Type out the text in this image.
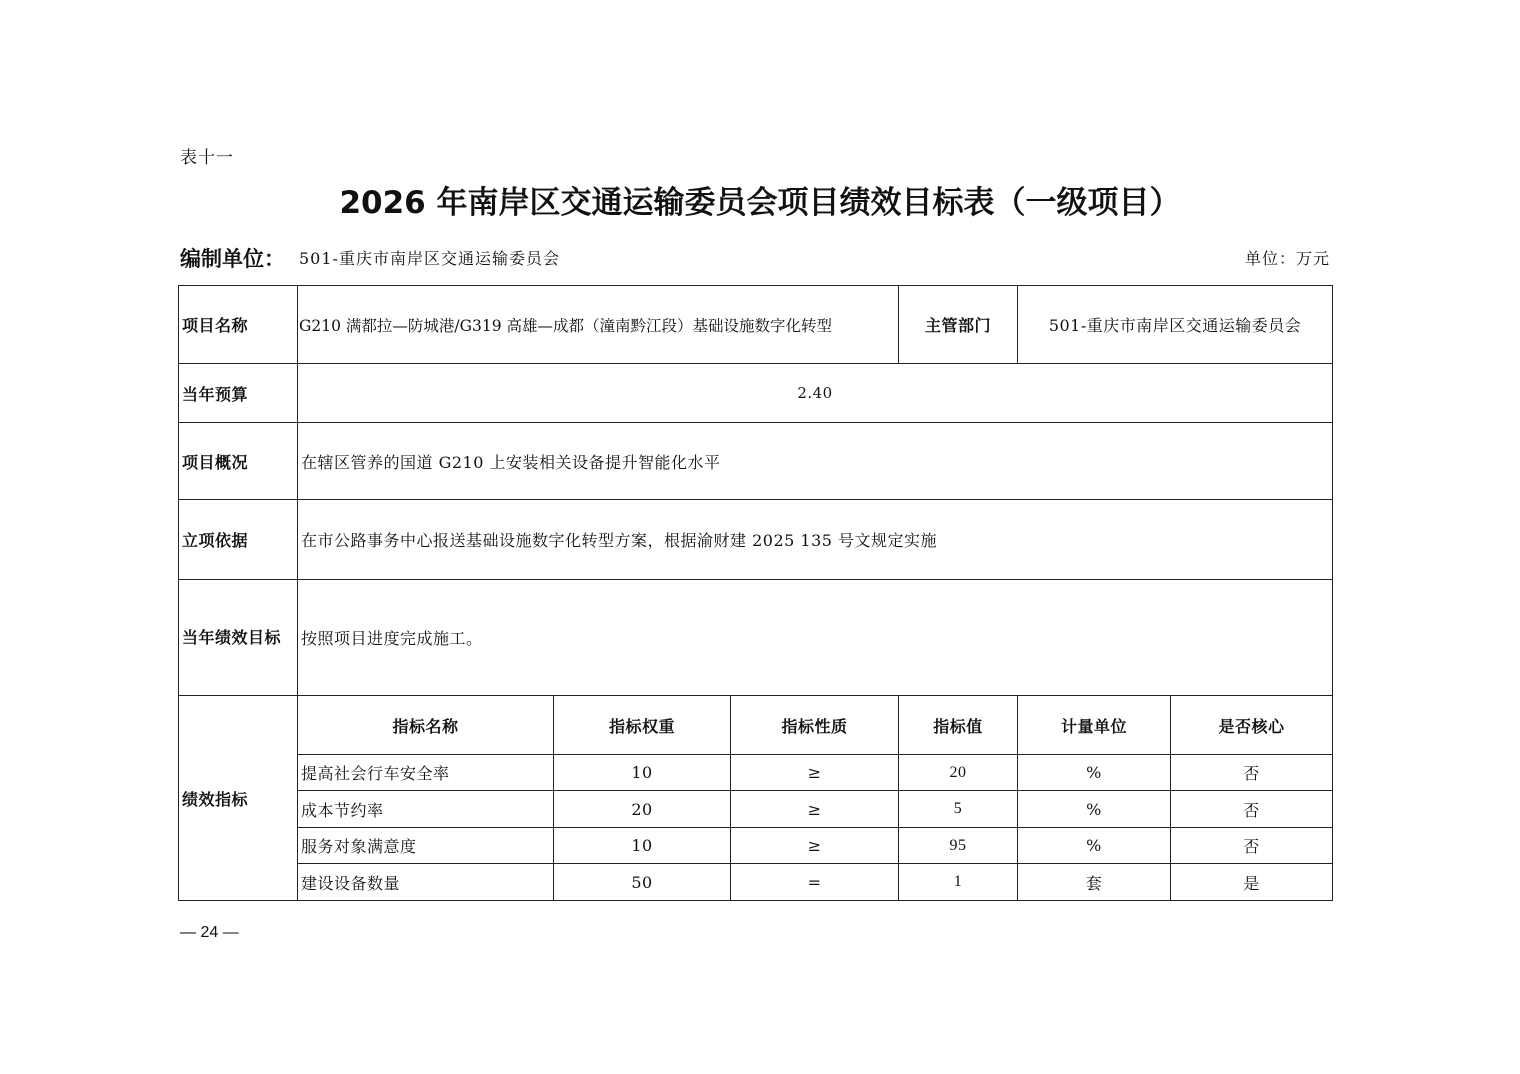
表十一
2026 年南岸区交通运输委员会项目绩效目标表（一级项目）
编制单位： 501-重庆市南岸区交通运输委员会	单位：万元
项目名称	G210 满都拉—防城港/G319 高雄—成都（潼南黔江段）基础设施数字化转型			主管部门	501-重庆市南岸区交通运输委员会	
当年预算	2.40					
项目概况	在辖区管养的国道 G210 上安装相关设备提升智能化水平					
立项依据	在市公路事务中心报送基础设施数字化转型方案，根据渝财建 2025 135 号文规定实施					
当年绩效目标	按照项目进度完成施工。					
绩效指标	指标名称	指标权重	指标性质	指标值	计量单位	是否核心
	提高社会行车安全率	10	≥	20	%	否
	成本节约率	20	≥	5	%	否
	服务对象满意度	10	≥	95	%	否
	建设设备数量	50	=	1	套	是
— 24 —
